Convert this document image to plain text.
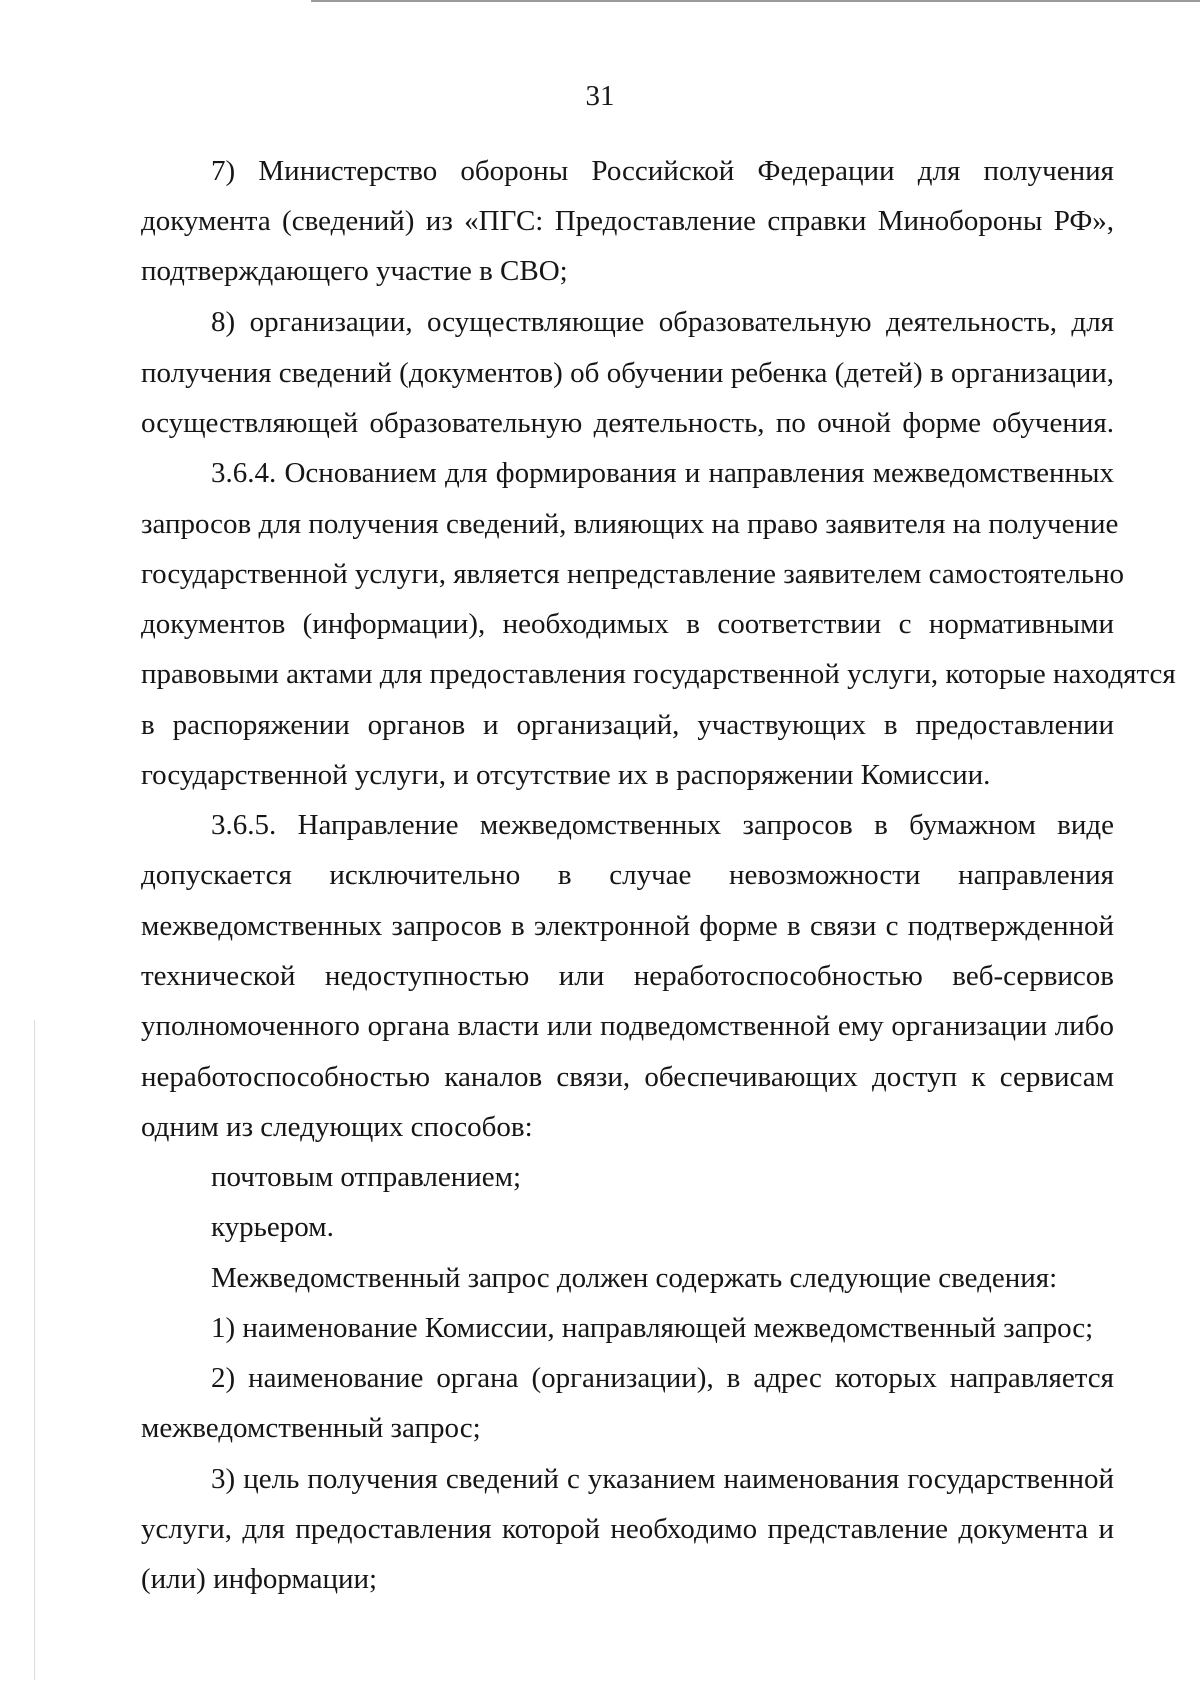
31
7) Министерство обороны Российской Федерации для получения
документа (сведений) из «ПГС: Предоставление справки Минобороны РФ»,
подтверждающего участие в СВО;
8) организации, осуществляющие образовательную деятельность, для
получения сведений (документов) об обучении ребенка (детей) в организации,
осуществляющей образовательную деятельность, по очной форме обучения.
3.6.4. Основанием для формирования и направления межведомственных
запросов для получения сведений, влияющих на право заявителя на получение
государственной услуги, является непредставление заявителем самостоятельно
документов (информации), необходимых в соответствии с нормативными
правовыми актами для предоставления государственной услуги, которые находятся
в распоряжении органов и организаций, участвующих в предоставлении
государственной услуги, и отсутствие их в распоряжении Комиссии.
3.6.5. Направление межведомственных запросов в бумажном виде
допускается исключительно в случае невозможности направления
межведомственных запросов в электронной форме в связи с подтвержденной
технической недоступностью или неработоспособностью веб-сервисов
уполномоченного органа власти или подведомственной ему организации либо
неработоспособностью каналов связи, обеспечивающих доступ к сервисам
одним из следующих способов:
почтовым отправлением;
курьером.
Межведомственный запрос должен содержать следующие сведения:
1) наименование Комиссии, направляющей межведомственный запрос;
2) наименование органа (организации), в адрес которых направляется
межведомственный запрос;
3) цель получения сведений с указанием наименования государственной
услуги, для предоставления которой необходимо представление документа и
(или) информации;
